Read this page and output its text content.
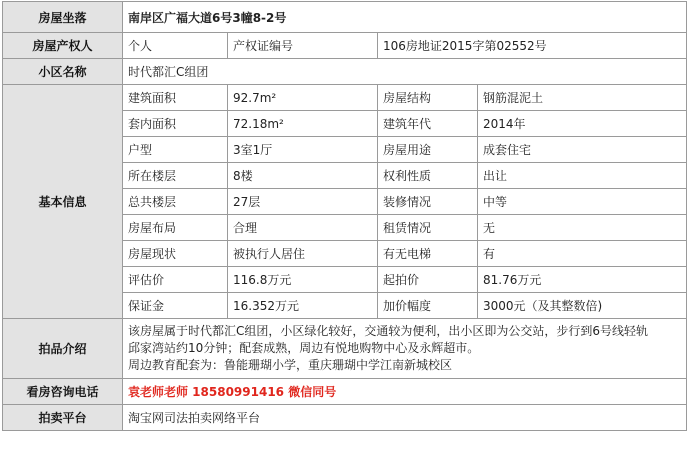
房屋坐落	南岸区广福大道6号3幢8-2号			
房屋产权人	个人	产权证编号	106房地证2015字第02552号	
小区名称	时代都汇C组团			
基本信息	建筑面积	92.7m²	房屋结构	钢筋混泥土
	套内面积	72.18m²	建筑年代	2014年
	户型	3室1厅	房屋用途	成套住宅
	所在楼层	8楼	权利性质	出让
	总共楼层	27层	装修情况	中等
	房屋布局	合理	租赁情况	无
	房屋现状	被执行人居住	有无电梯	有
	评估价	116.8万元	起拍价	81.76万元
	保证金	16.352万元	加价幅度	3000元（及其整数倍)
拍品介绍	该房屋属于时代都汇C组团，小区绿化较好，交通较为便利，出小区即为公交站，步行到6号线轻轨
邱家湾站约10分钟；配套成熟，周边有悦地购物中心及永辉超市。
周边教育配套为：鲁能珊瑚小学，重庆珊瑚中学江南新城校区			

看房咨询电话	袁老师老师 18580991416 微信同号			
拍卖平台	淘宝网司法拍卖网络平台			
